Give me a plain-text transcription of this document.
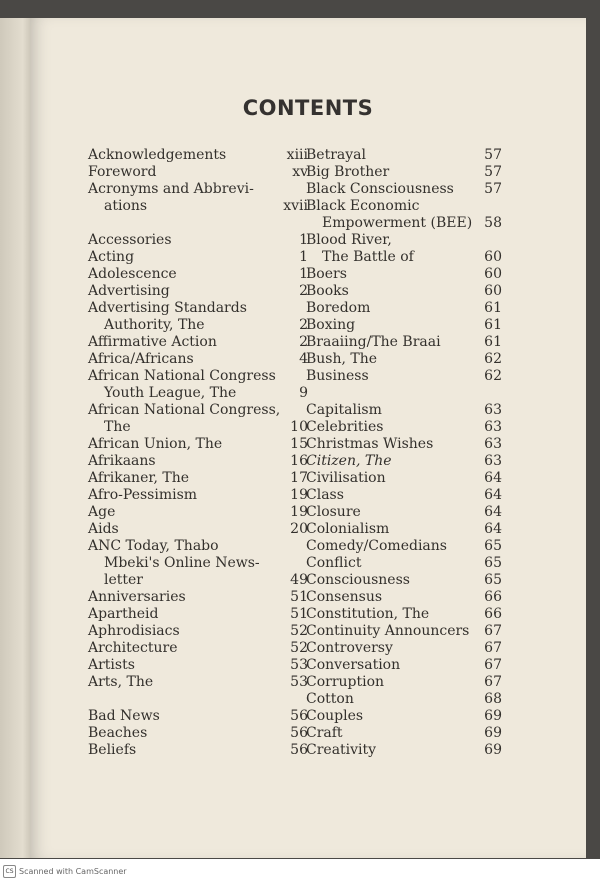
CONTENTS
Acknowledgements	xiii
Foreword	xv
Acronyms and Abbrevi-
ations	xvii
Accessories	1
Acting	1
Adolescence	1
Advertising	2
Advertising Standards
Authority, The	2
Affirmative Action	2
Africa/Africans	4
African National Congress
Youth League, The	9
African National Congress,
The	10
African Union, The	15
Afrikaans	16
Afrikaner, The	17
Afro-Pessimism	19
Age	19
Aids	20
ANC Today, Thabo
Mbeki's Online News-
letter	49
Anniversaries	51
Apartheid	51
Aphrodisiacs	52
Architecture	52
Artists	53
Arts, The	53
Bad News	56
Beaches	56
Beliefs	56
Betrayal	57
Big Brother	57
Black Consciousness	57
Black Economic
Empowerment (BEE) 58
Blood River,
The Battle of	60
Boers	60
Books	60
Boredom	61
Boxing	61
Braaiing/The Braai	61
Bush, The	62
Business	62
Capitalism	63
Celebrities	63
Christmas Wishes	63
Citizen, The	63
Civilisation	64
Class	64
Closure	64
Colonialism	64
Comedy/Comedians	65
Conflict	65
Consciousness	65
Consensus	66
Constitution, The	66
Continuity Announcers	67
Controversy	67
Conversation	67
Corruption	67
Cotton	68
Couples	69
Craft	69
Creativity	69
CS Scanned with CamScanner
